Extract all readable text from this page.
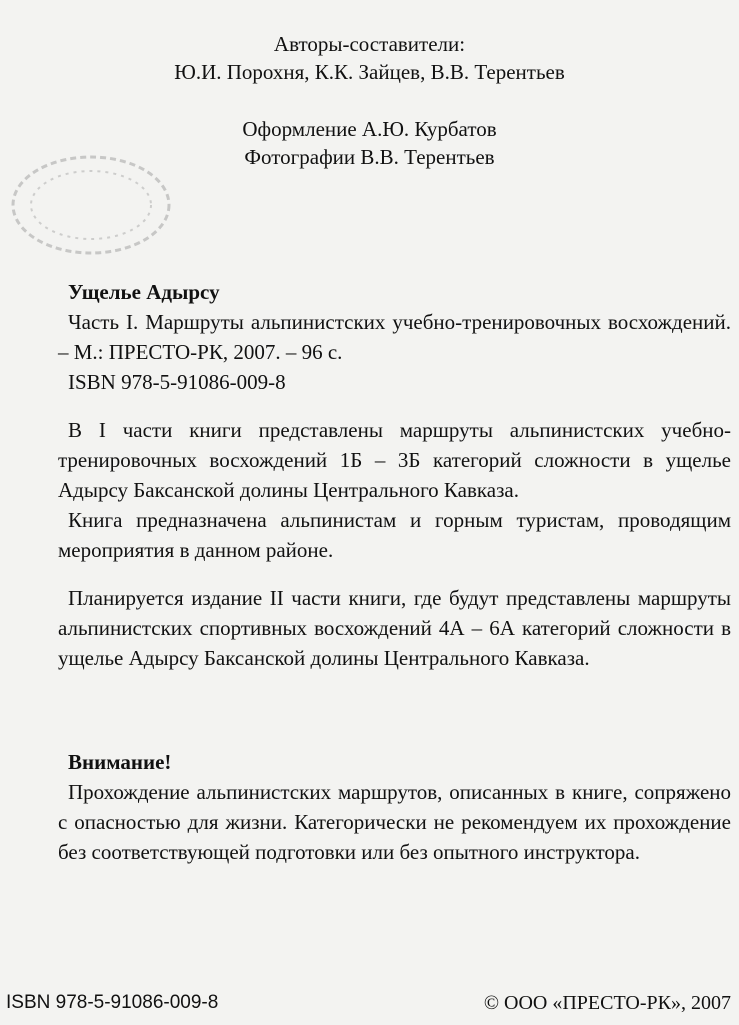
Авторы-составители:
Ю.И. Порохня, К.К. Зайцев, В.В. Терентьев
Оформление А.Ю. Курбатов
Фотографии В.В. Терентьев

Ущелье Адырсу

Часть I. Маршруты альпинистских учебно-тренировочных восхождений. – М.: ПРЕСТО-РК, 2007. – 96 с.

ISBN 978-5-91086-009-8

В I части книги представлены маршруты альпинистских учебно-тренировочных восхождений 1Б – 3Б категорий сложности в ущелье Адырсу Баксанской долины Центрального Кавказа.

Книга предназначена альпинистам и горным туристам, проводящим мероприятия в данном районе.

Планируется издание II части книги, где будут представлены маршруты альпинистских спортивных восхождений 4А – 6А категорий сложности в ущелье Адырсу Баксанской долины Центрального Кавказа.

Внимание!

Прохождение альпинистских маршрутов, описанных в книге, сопряжено с опасностью для жизни. Категорически не рекомендуем их прохождение без соответствующей подготовки или без опытного инструктора.

ISBN 978-5-91086-009-8	© ООО «ПРЕСТО-РК», 2007
